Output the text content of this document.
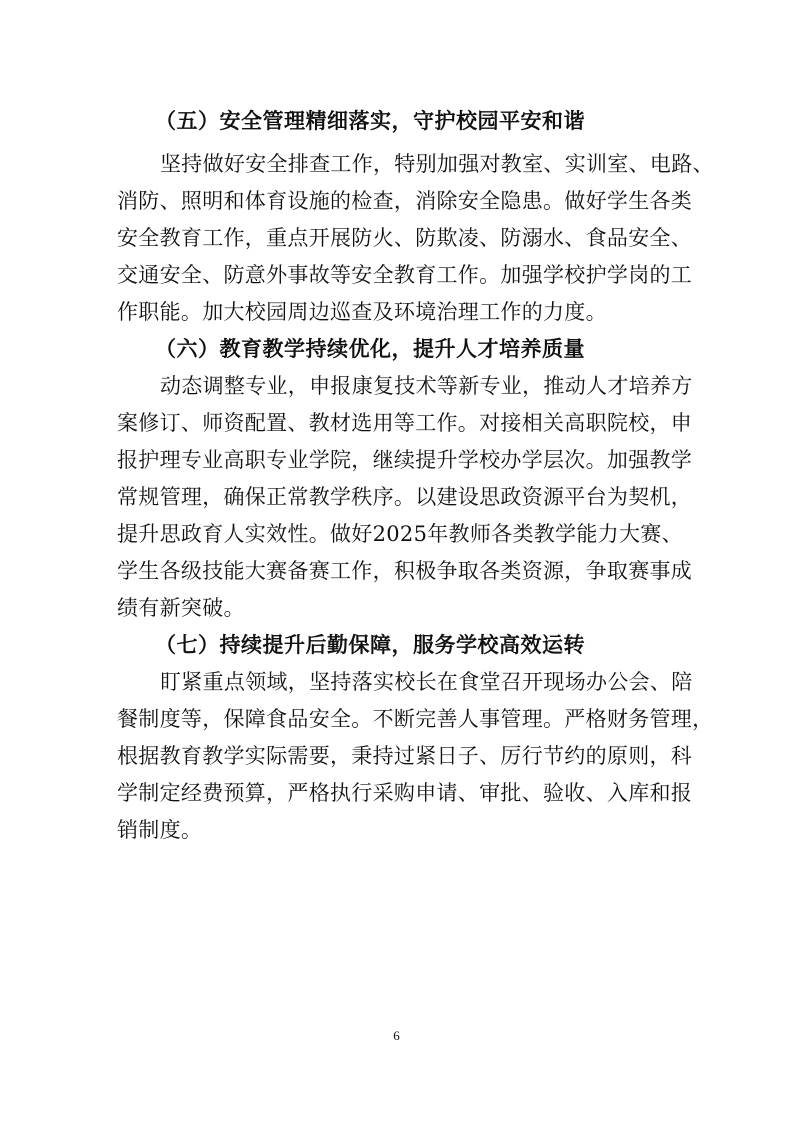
（五）安全管理精细落实，守护校园平安和谐
坚持做好安全排查工作，特别加强对教室、实训室、电路、
消防、照明和体育设施的检查，消除安全隐患。做好学生各类
安全教育工作，重点开展防火、防欺凌、防溺水、食品安全、
交通安全、防意外事故等安全教育工作。加强学校护学岗的工
作职能。加大校园周边巡查及环境治理工作的力度。
（六）教育教学持续优化，提升人才培养质量
动态调整专业，申报康复技术等新专业，推动人才培养方
案修订、师资配置、教材选用等工作。对接相关高职院校，申
报护理专业高职专业学院，继续提升学校办学层次。加强教学
常规管理，确保正常教学秩序。以建设思政资源平台为契机，
提升思政育人实效性。做好2025年教师各类教学能力大赛、
学生各级技能大赛备赛工作，积极争取各类资源，争取赛事成
绩有新突破。
（七）持续提升后勤保障，服务学校高效运转
盯紧重点领域，坚持落实校长在食堂召开现场办公会、陪
餐制度等，保障食品安全。不断完善人事管理。严格财务管理，
根据教育教学实际需要，秉持过紧日子、厉行节约的原则，科
学制定经费预算，严格执行采购申请、审批、验收、入库和报
销制度。
6
